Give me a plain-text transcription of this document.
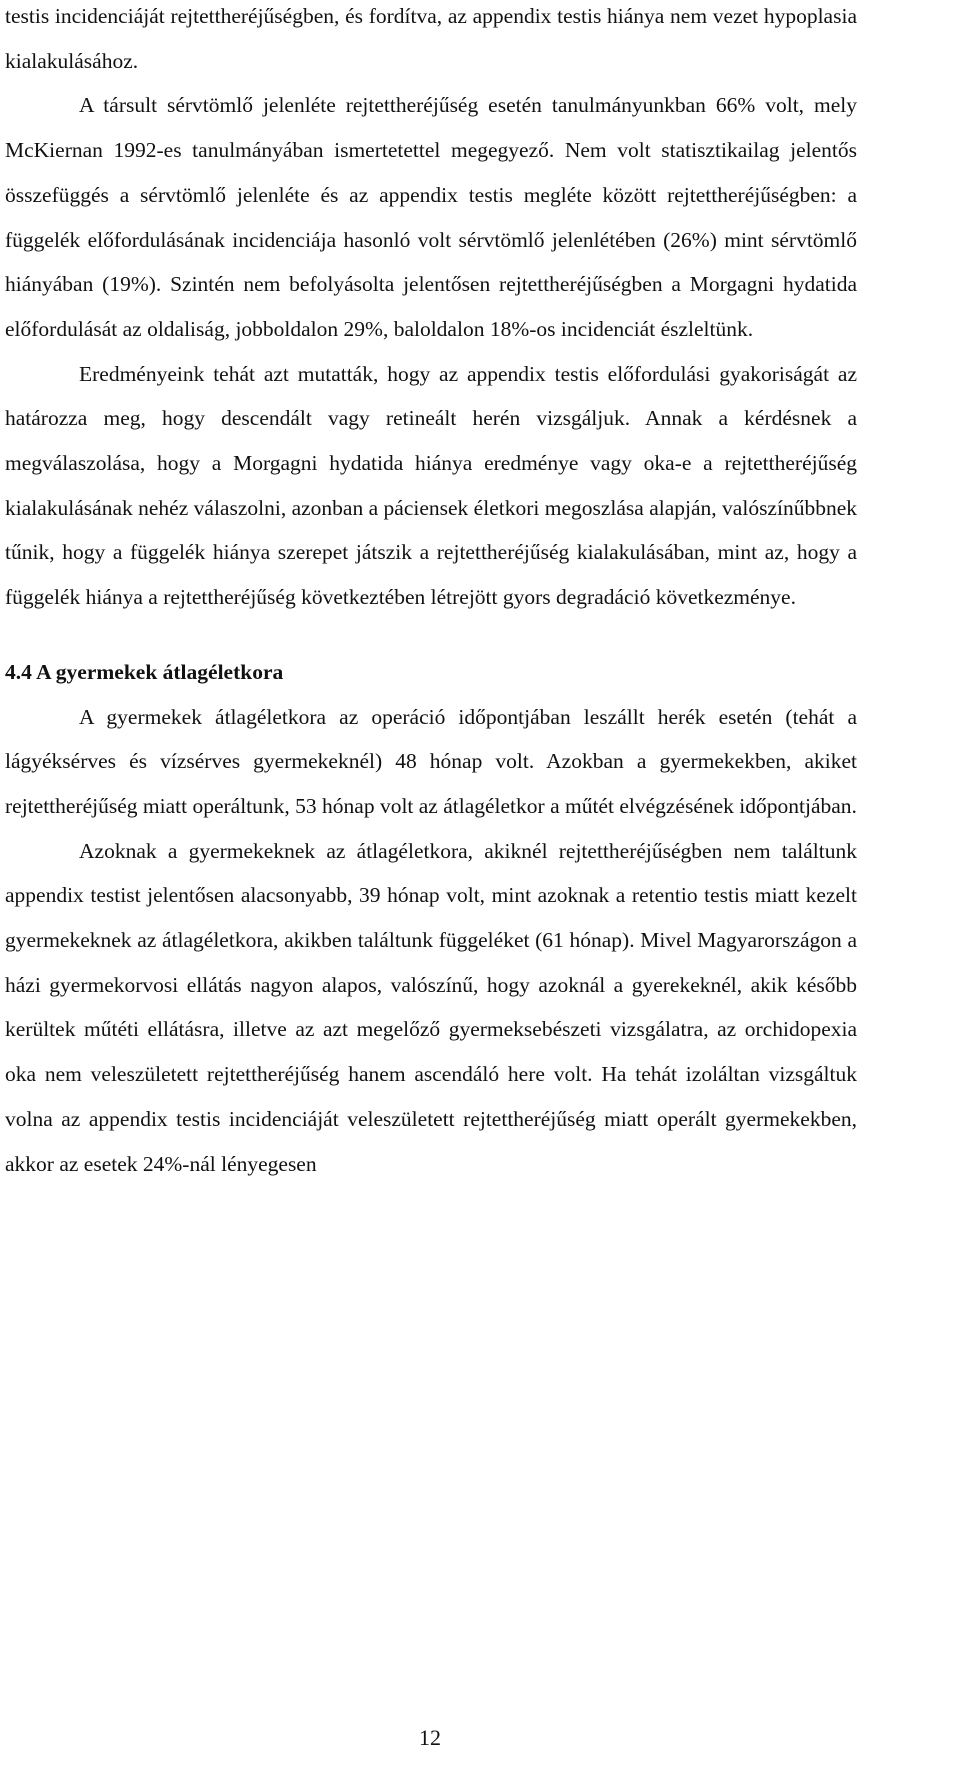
testis incidenciáját rejtettheréjűségben, és fordítva, az appendix testis hiánya nem vezet hypoplasia kialakulásához.

A társult sérvtömlő jelenléte rejtettheréjűség esetén tanulmányunkban 66% volt, mely McKiernan 1992-es tanulmányában ismertetettel megegyező. Nem volt statisztikailag jelentős összefüggés a sérvtömlő jelenléte és az appendix testis megléte között rejtettheréjűségben: a függelék előfordulásának incidenciája hasonló volt sérvtömlő jelenlétében (26%) mint sérvtömlő hiányában (19%). Szintén nem befolyásolta jelentősen rejtettheréjűségben a Morgagni hydatida előfordulását az oldaliság, jobboldalon 29%, baloldalon 18%-os incidenciát észleltünk.

Eredményeink tehát azt mutatták, hogy az appendix testis előfordulási gyakoriságát az határozza meg, hogy descendált vagy retineált herén vizsgáljuk. Annak a kérdésnek a megválaszolása, hogy a Morgagni hydatida hiánya eredménye vagy oka-e a rejtettheréjűség kialakulásának nehéz válaszolni, azonban a páciensek életkori megoszlása alapján, valószínűbbnek tűnik, hogy a függelék hiánya szerepet játszik a rejtettheréjűség kialakulásában, mint az, hogy a függelék hiánya a rejtettheréjűség következtében létrejött gyors degradáció következménye.

4.4 A gyermekek átlagéletkora

A gyermekek átlagéletkora az operáció időpontjában leszállt herék esetén (tehát a lágyéksérves és vízsérves gyermekeknél) 48 hónap volt. Azokban a gyermekekben, akiket rejtettheréjűség miatt operáltunk, 53 hónap volt az átlagéletkor a műtét elvégzésének időpontjában.

Azoknak a gyermekeknek az átlagéletkora, akiknél rejtettheréjűségben nem találtunk appendix testist jelentősen alacsonyabb, 39 hónap volt, mint azoknak a retentio testis miatt kezelt gyermekeknek az átlagéletkora, akikben találtunk függeléket (61 hónap). Mivel Magyarországon a házi gyermekorvosi ellátás nagyon alapos, valószínű, hogy azoknál a gyerekeknél, akik később kerültek műtéti ellátásra, illetve az azt megelőző gyermeksebészeti vizsgálatra, az orchidopexia oka nem veleszületett rejtettheréjűség hanem ascendáló here volt. Ha tehát izoláltan vizsgáltuk volna az appendix testis incidenciáját veleszületett rejtettheréjűség miatt operált gyermekekben, akkor az esetek 24%-nál lényegesen

12
